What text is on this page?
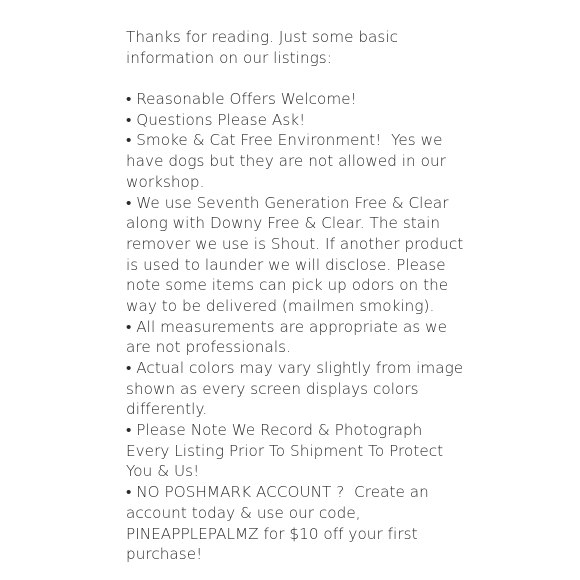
Thanks for reading. Just some basic
information on our listings:
• Reasonable Offers Welcome!
• Questions Please Ask!
• Smoke & Cat Free Environment!  Yes we
have dogs but they are not allowed in our
workshop.
• We use Seventh Generation Free & Clear
along with Downy Free & Clear. The stain
remover we use is Shout. If another product
is used to launder we will disclose. Please
note some items can pick up odors on the
way to be delivered (mailmen smoking).
• All measurements are appropriate as we
are not professionals.
• Actual colors may vary slightly from image
shown as every screen displays colors
differently.
• Please Note We Record & Photograph
Every Listing Prior To Shipment To Protect
You & Us!
• NO POSHMARK ACCOUNT ?  Create an
account today & use our code,
PINEAPPLEPALMZ for $10 off your first
purchase!
